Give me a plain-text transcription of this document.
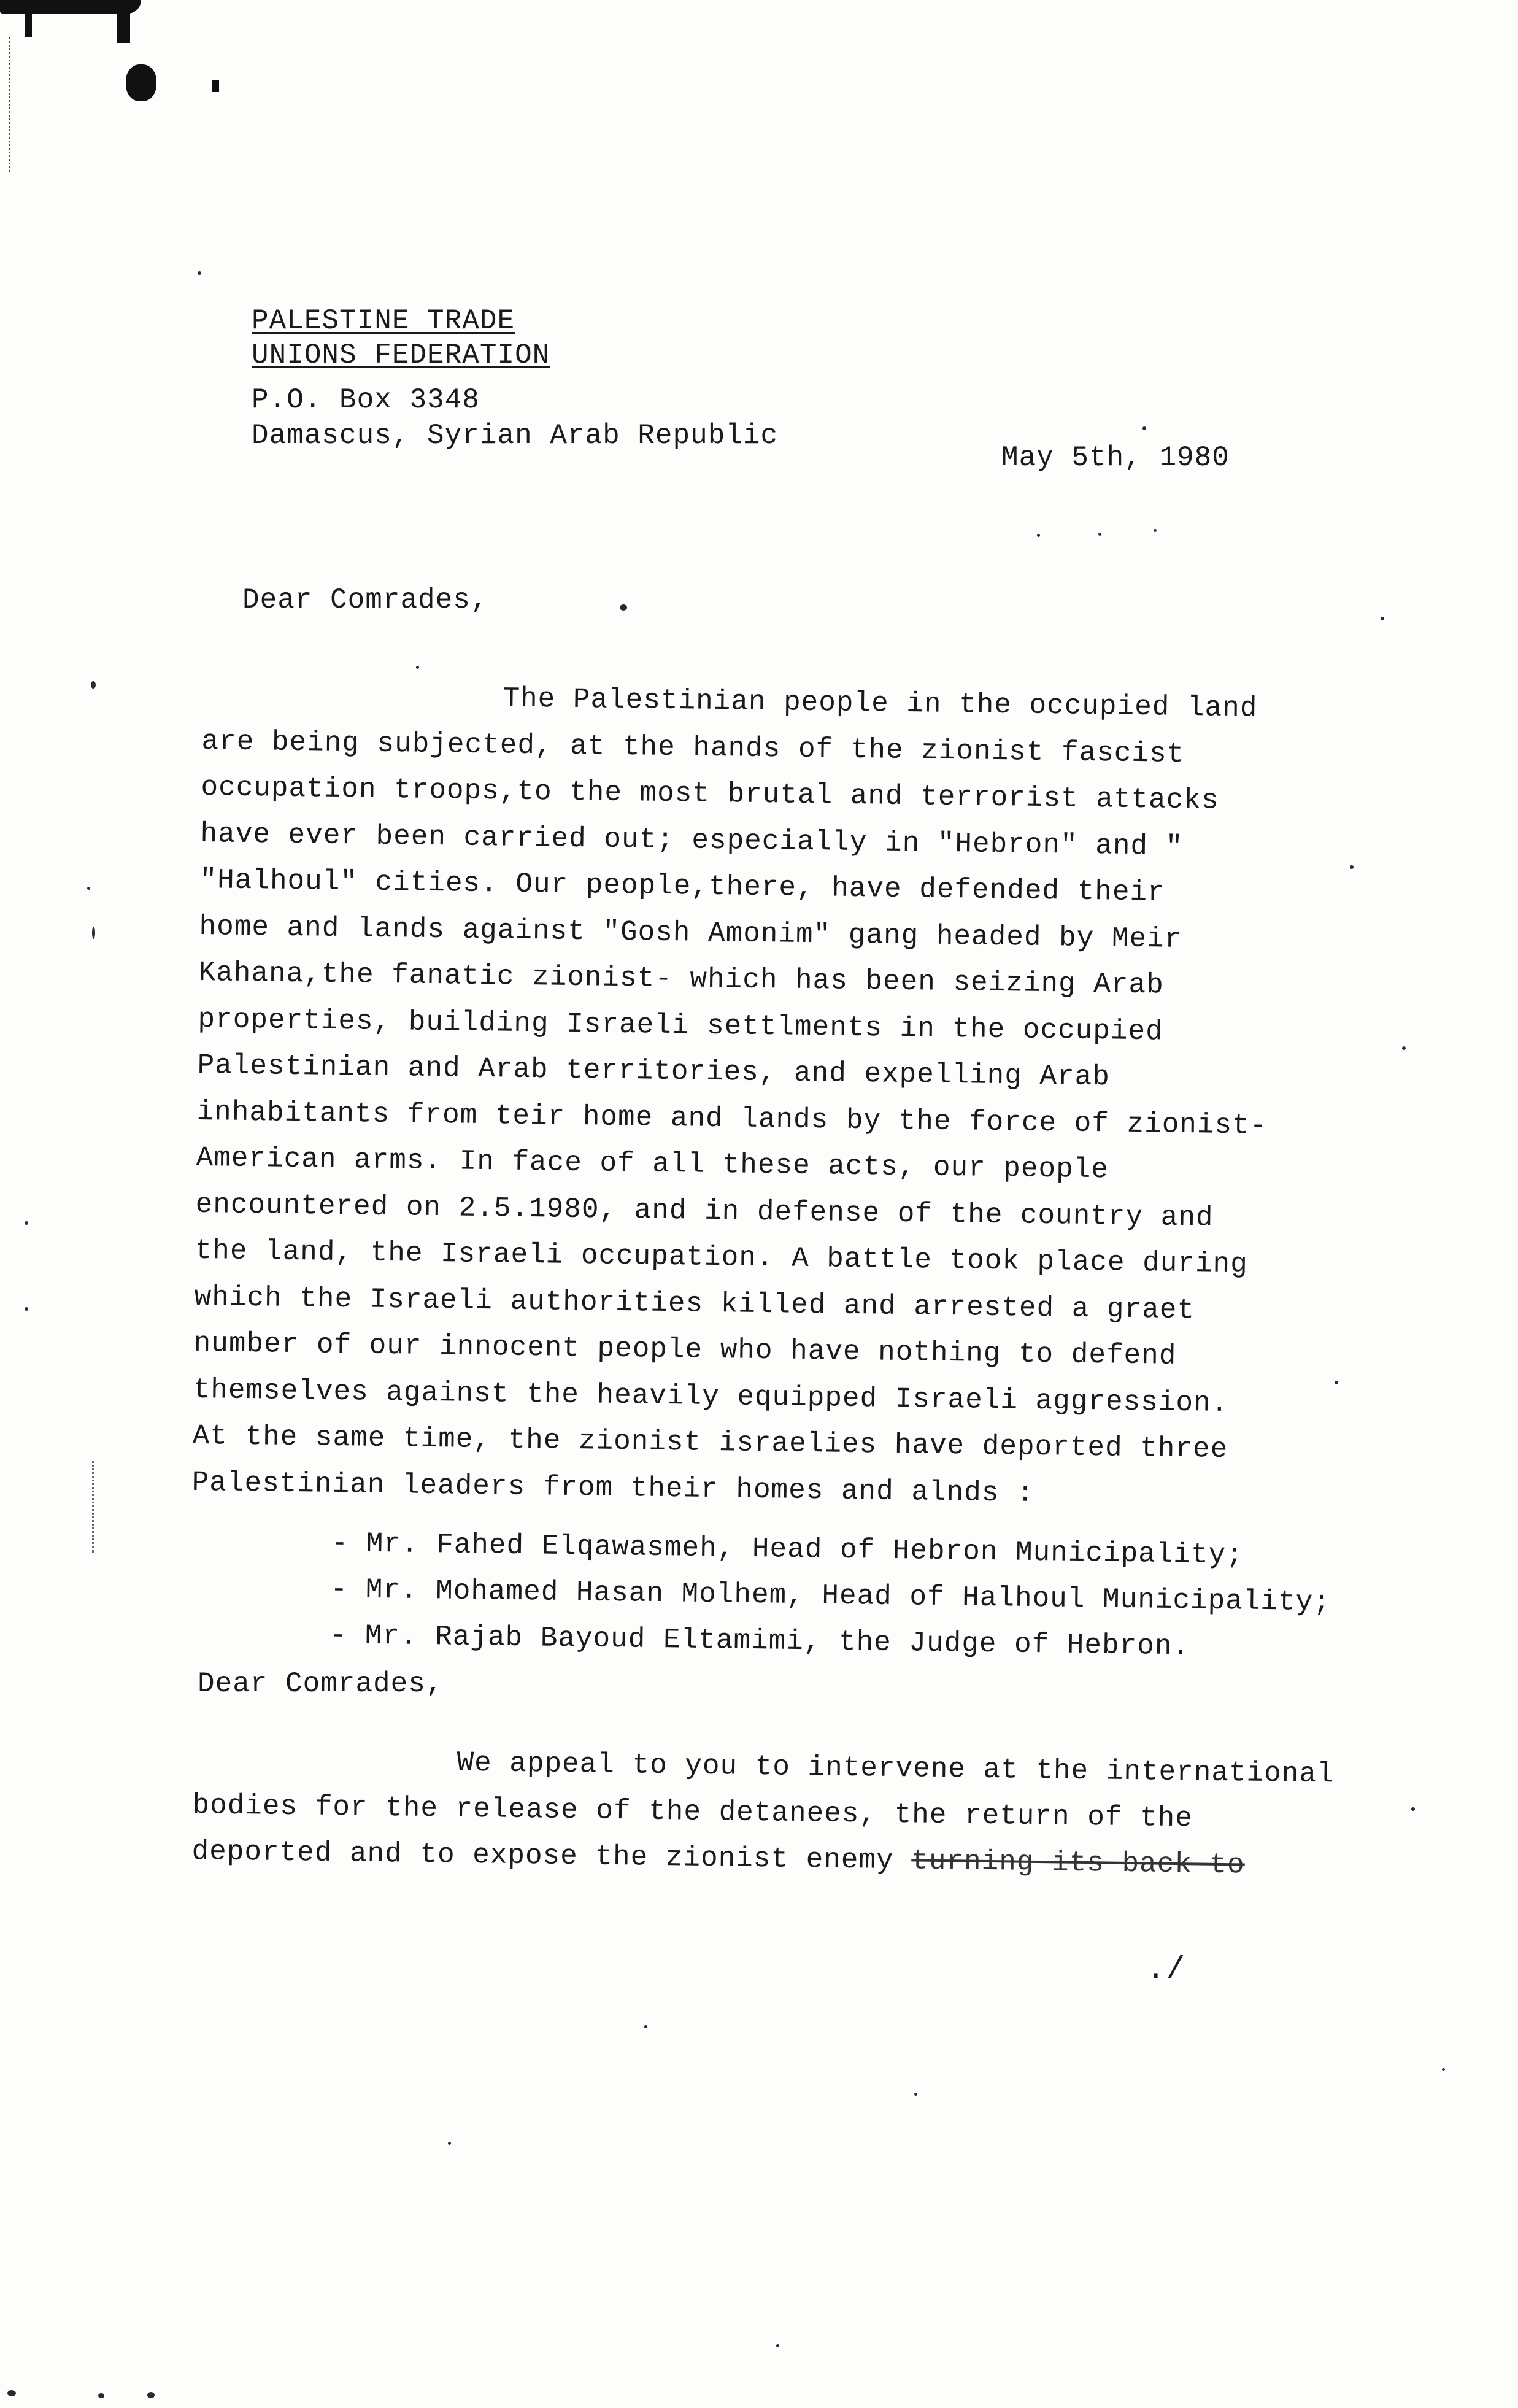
PALESTINE TRADE
UNIONS FEDERATION
P.O. Box 3348
Damascus, Syrian Arab Republic
May 5th, 1980
Dear Comrades,
The Palestinian people in the occupied land
are being subjected, at the hands of the zionist fascist
occupation troops,to the most brutal and terrorist attacks
have ever been carried out; especially in "Hebron" and "
"Halhoul" cities. Our people,there, have defended their
home and lands against "Gosh Amonim" gang headed by Meir
Kahana,the fanatic zionist- which has been seizing Arab
properties, building Israeli settlments in the occupied
Palestinian and Arab territories, and expelling Arab
inhabitants from teir home and lands by the force of zionist-
American arms. In face of all these acts, our people
encountered on 2.5.1980, and in defense of the country and
the land, the Israeli occupation. A battle took place during
which the Israeli authorities killed and arrested a graet
number of our innocent people who have nothing to defend
themselves against the heavily equipped Israeli aggression.
At the same time, the zionist israelies have deported three
Palestinian leaders from their homes and alnds :
- Mr. Fahed Elqawasmeh, Head of Hebron Municipality;
- Mr. Mohamed Hasan Molhem, Head of Halhoul Municipality;
- Mr. Rajab Bayoud Eltamimi, the Judge of Hebron.
Dear Comrades,
We appeal to you to intervene at the international
bodies for the release of the detanees, the return of the
deported and to expose the zionist enemy turning its back to
./
